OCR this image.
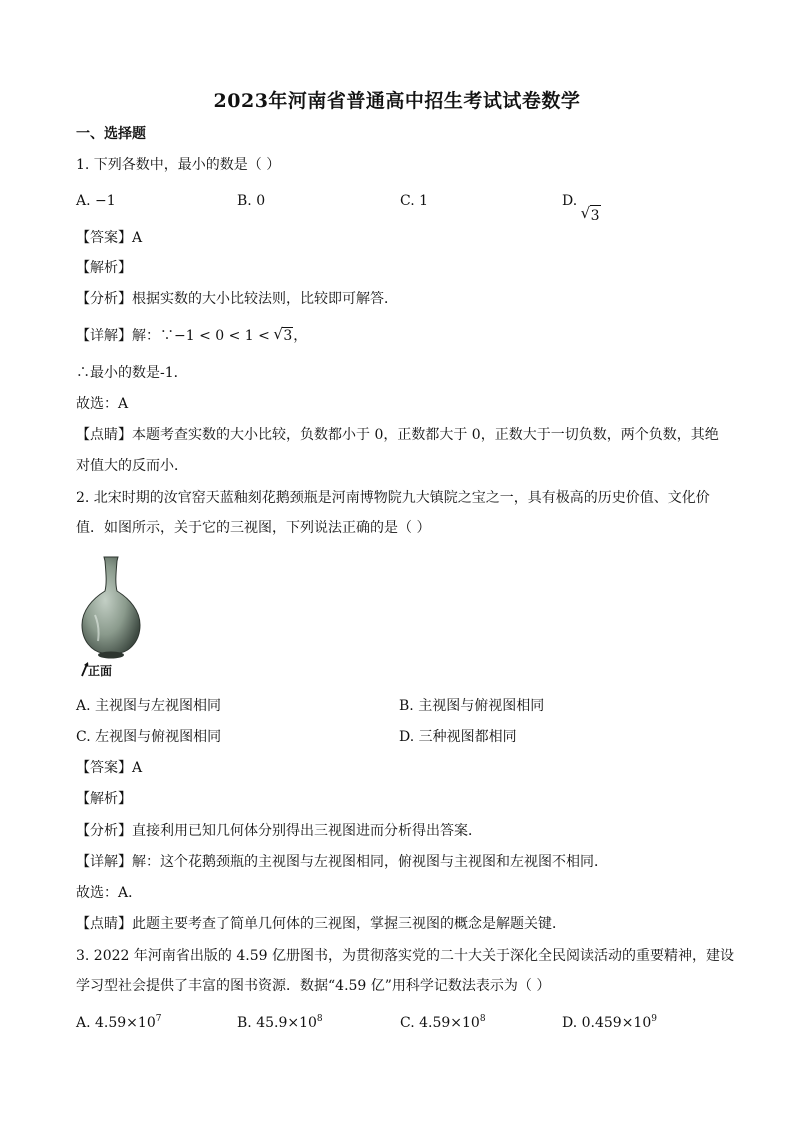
2023年河南省普通高中招生考试试卷数学
一、选择题
1. 下列各数中，最小的数是（ ）
A. −1	B. 0	C. 1	D.
3
【答案】A
【解析】
【分析】根据实数的大小比较法则，比较即可解答．
【详解】解：∵−1 < 0 < 1 < √ 3，
∴最小的数是-1．
故选：A
【点睛】本题考查实数的大小比较，负数都小于 0，正数都大于 0，正数大于一切负数，两个负数，其绝
对值大的反而小．
2. 北宋时期的汝官窑天蓝釉刻花鹅颈瓶是河南博物院九大镇院之宝之一，具有极高的历史价值、文化价
值．如图所示，关于它的三视图，下列说法正确的是（ ）
正面
A. 主视图与左视图相同	B. 主视图与俯视图相同
C. 左视图与俯视图相同	D. 三种视图都相同
【答案】A
【解析】
【分析】直接利用已知几何体分别得出三视图进而分析得出答案．
【详解】解：这个花鹅颈瓶的主视图与左视图相同，俯视图与主视图和左视图不相同．
故选：A．
【点睛】此题主要考查了简单几何体的三视图，掌握三视图的概念是解题关键．
3. 2022 年河南省出版的 4.59 亿册图书，为贯彻落实党的二十大关于深化全民阅读活动的重要精神，建设
学习型社会提供了丰富的图书资源．数据“4.59 亿”用科学记数法表示为（ ）
A. $4.59\times 10^7$	B. $45.9\times 10^8$	C. $4.59\times 10^8$	D. $0.459\times 10^9$
